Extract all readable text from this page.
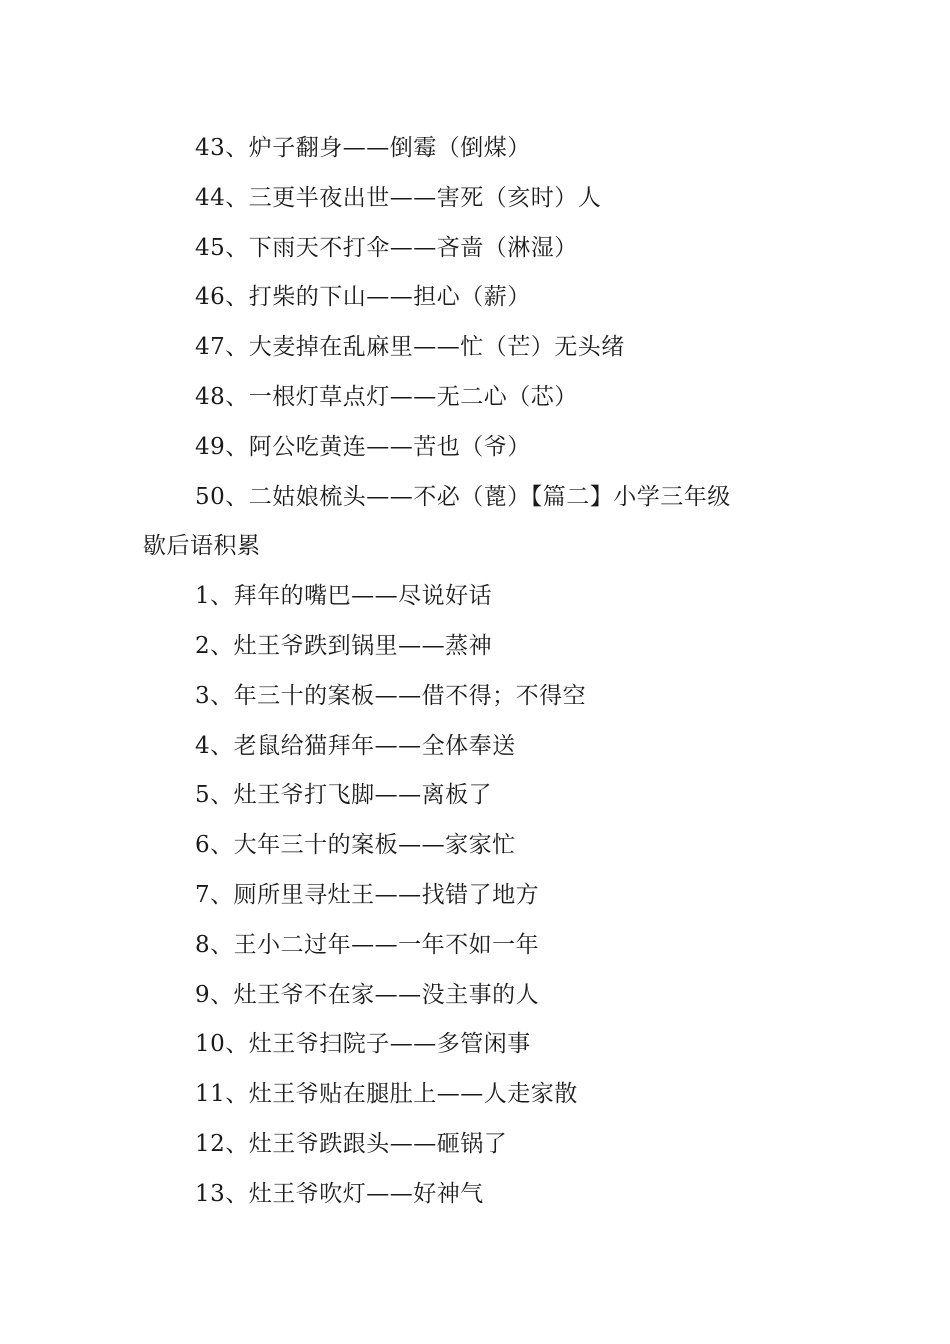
43、炉子翻身——倒霉（倒煤）
44、三更半夜出世——害死（亥时）人
45、下雨天不打伞——吝啬（淋湿）
46、打柴的下山——担心（薪）
47、大麦掉在乱麻里——忙（芒）无头绪
48、一根灯草点灯——无二心（芯）
49、阿公吃黄连——苦也（爷）
50、二姑娘梳头——不必（蓖）【篇二】小学三年级
歇后语积累
1、拜年的嘴巴——尽说好话
2、灶王爷跌到锅里——蒸神
3、年三十的案板——借不得；不得空
4、老鼠给猫拜年——全体奉送
5、灶王爷打飞脚——离板了
6、大年三十的案板——家家忙
7、厕所里寻灶王——找错了地方
8、王小二过年——一年不如一年
9、灶王爷不在家——没主事的人
10、灶王爷扫院子——多管闲事
11、灶王爷贴在腿肚上——人走家散
12、灶王爷跌跟头——砸锅了
13、灶王爷吹灯——好神气
